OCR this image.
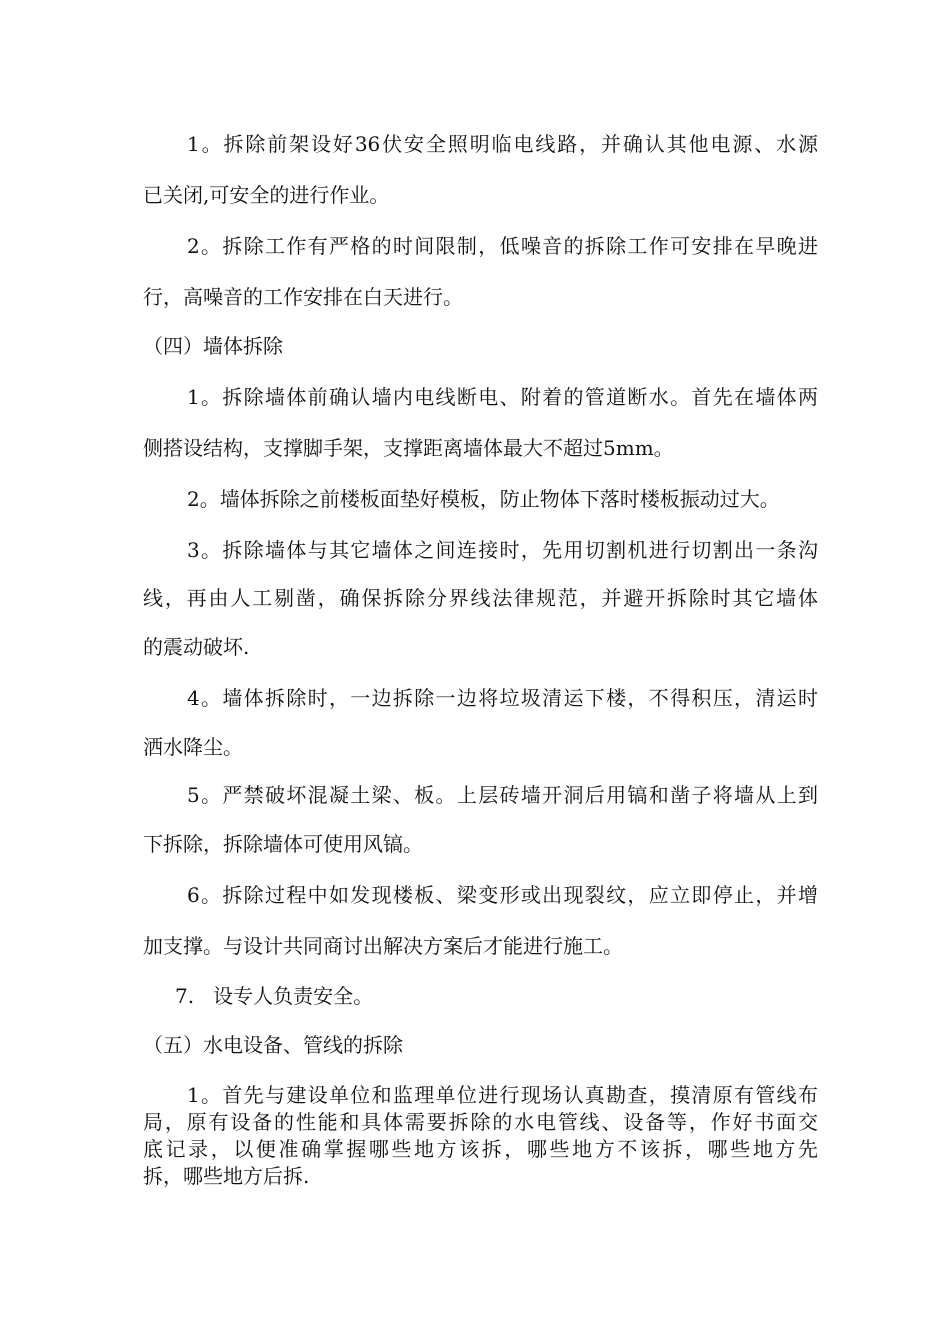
1。拆除前架设好36伏安全照明临电线路，并确认其他电源、水源
已关闭,可安全的进行作业。
2。拆除工作有严格的时间限制，低噪音的拆除工作可安排在早晚进
行，高噪音的工作安排在白天进行。
（四）墙体拆除
1。拆除墙体前确认墙内电线断电、附着的管道断水。首先在墙体两
侧搭设结构，支撑脚手架，支撑距离墙体最大不超过5mm。
2。墙体拆除之前楼板面垫好模板，防止物体下落时楼板振动过大。
3。拆除墙体与其它墙体之间连接时，先用切割机进行切割出一条沟
线，再由人工剔凿，确保拆除分界线法律规范，并避开拆除时其它墙体
的震动破坏.
4。墙体拆除时，一边拆除一边将垃圾清运下楼，不得积压，清运时
洒水降尘。
5。严禁破坏混凝土梁、板。上层砖墙开洞后用镐和凿子将墙从上到
下拆除，拆除墙体可使用风镐。
6。拆除过程中如发现楼板、梁变形或出现裂纹，应立即停止，并增
加支撑。与设计共同商讨出解决方案后才能进行施工。
7.   设专人负责安全。
（五）水电设备、管线的拆除
1。首先与建设单位和监理单位进行现场认真勘查，摸清原有管线布
局，原有设备的性能和具体需要拆除的水电管线、设备等，作好书面交
底记录，以便准确掌握哪些地方该拆，哪些地方不该拆，哪些地方先
拆，哪些地方后拆.
